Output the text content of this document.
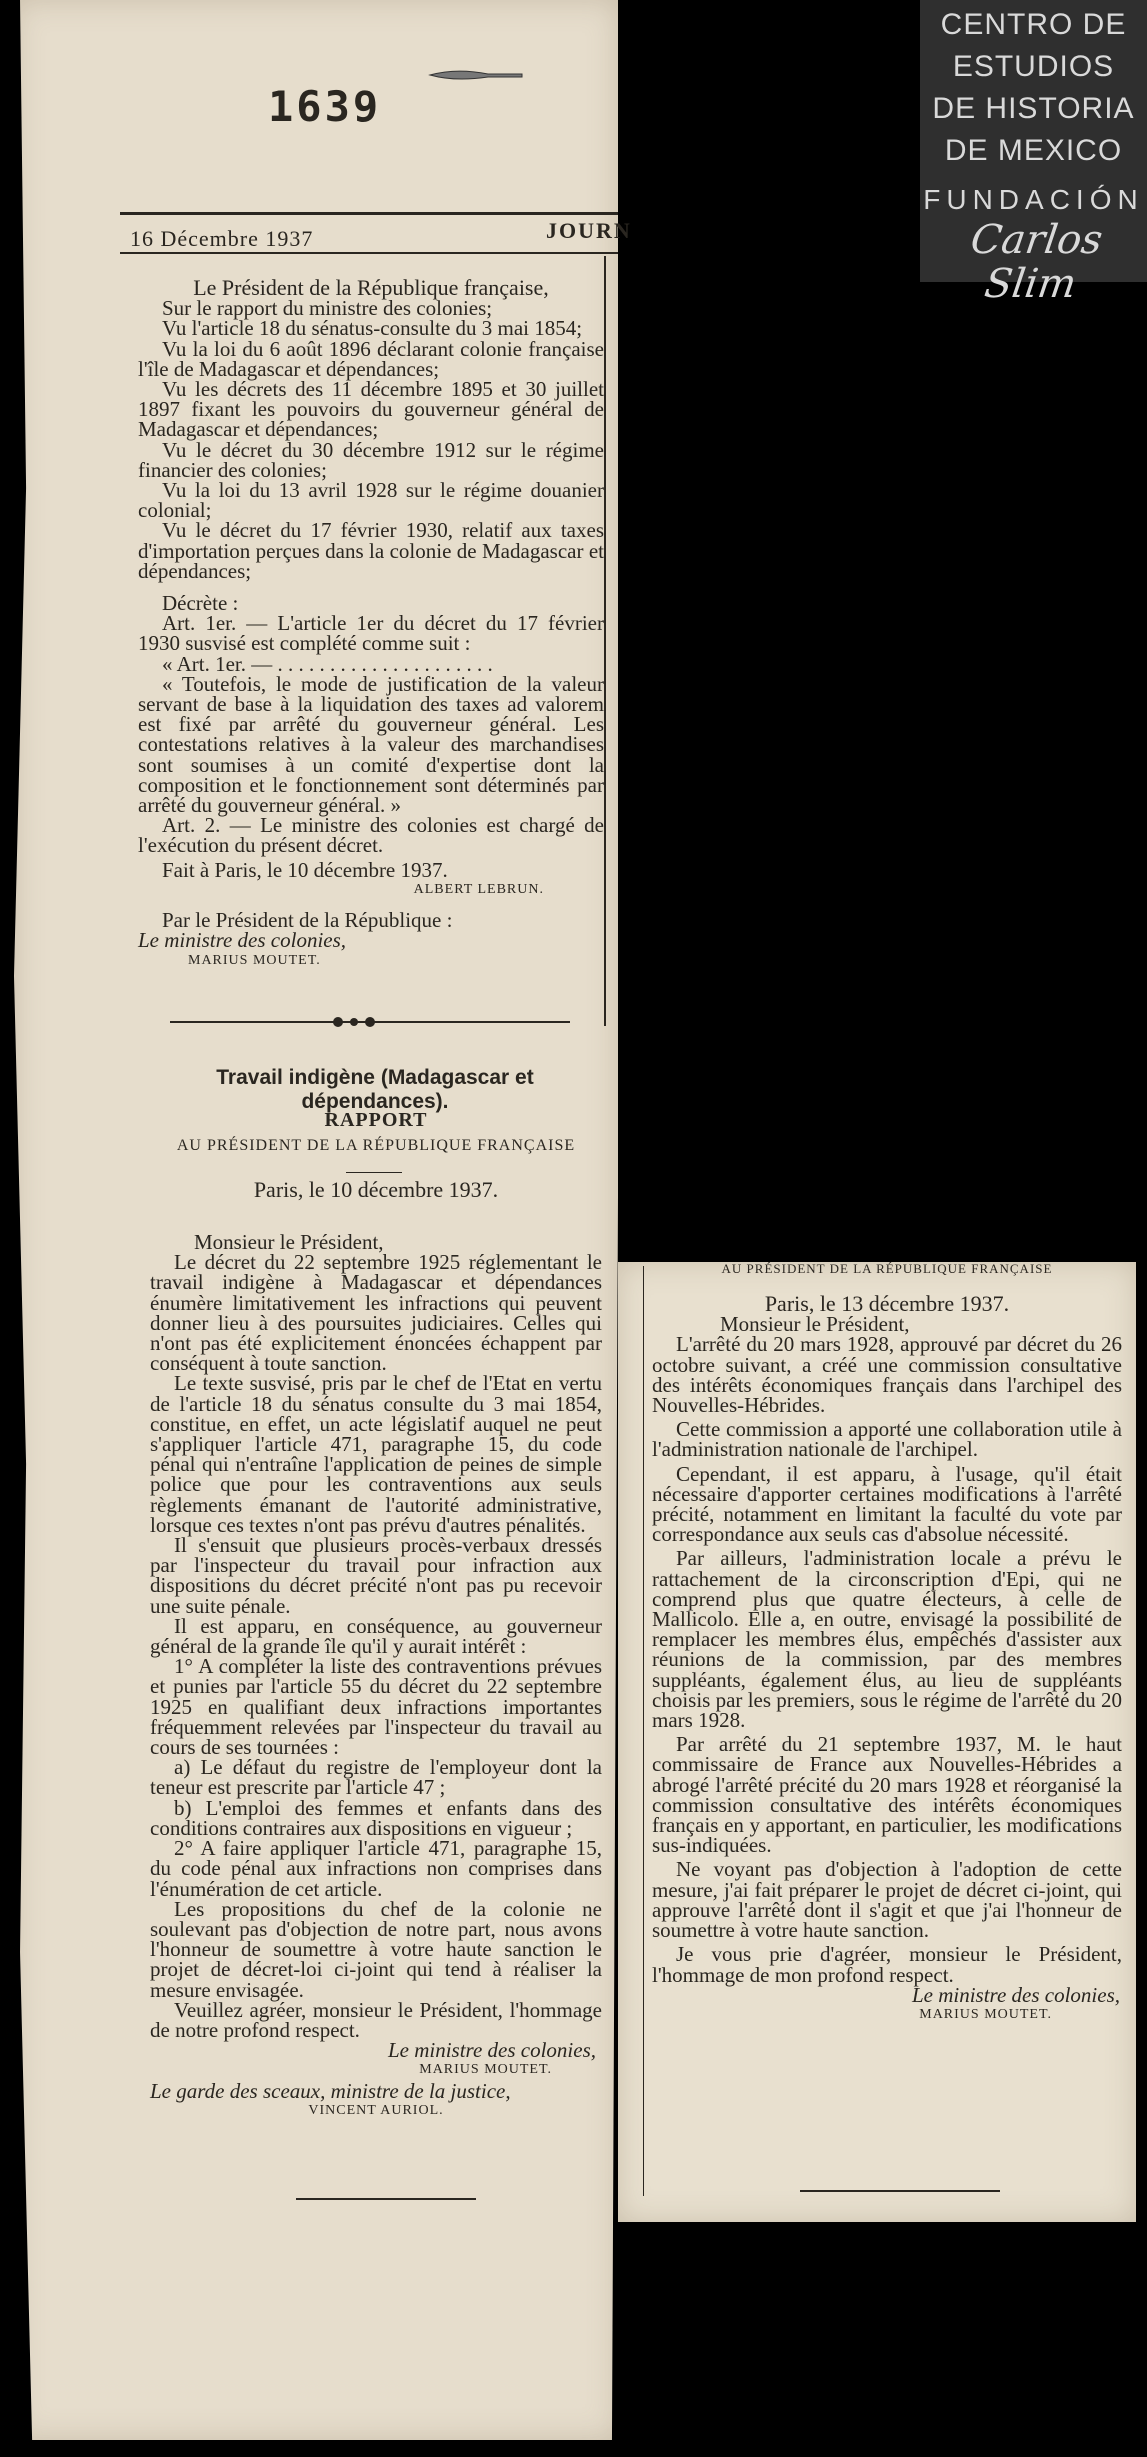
CENTRO DE
ESTUDIOS
DE HISTORIA
DE MEXICO
FUNDACIÓN
Carlos Slim
1639
16 Décembre 1937	JOURN

Le Président de la République française,

Sur le rapport du ministre des colonies;

Vu l'article 18 du sénatus-consulte du 3 mai 1854;

Vu la loi du 6 août 1896 déclarant colonie française l'île de Madagascar et dépendances;

Vu les décrets des 11 décembre 1895 et 30 juillet 1897 fixant les pouvoirs du gouverneur général de Madagascar et dépendances;

Vu le décret du 30 décembre 1912 sur le régime financier des colonies;

Vu la loi du 13 avril 1928 sur le régime douanier colonial;

Vu le décret du 17 février 1930, relatif aux taxes d'importation perçues dans la colonie de Madagascar et dépendances;

Décrète :

Art. 1er. — L'article 1er du décret du 17 février 1930 susvisé est complété comme suit :

« Art. 1er. — . . . . . . . . . . . . . . . . . . . . .

« Toutefois, le mode de justification de la valeur servant de base à la liquidation des taxes ad valorem est fixé par arrêté du gouverneur général. Les contestations relatives à la valeur des marchandises sont soumises à un comité d'expertise dont la composition et le fonctionnement sont déterminés par arrêté du gouverneur général. »

Art. 2. — Le ministre des colonies est chargé de l'exécution du présent décret.

Fait à Paris, le 10 décembre 1937.

ALBERT LEBRUN.

Par le Président de la République :

Le ministre des colonies,

MARIUS MOUTET.

Travail indigène (Madagascar et dépendances).

RAPPORT

AU PRÉSIDENT DE LA RÉPUBLIQUE FRANÇAISE

Paris, le 10 décembre 1937.

Monsieur le Président,

Le décret du 22 septembre 1925 réglementant le travail indigène à Madagascar et dépendances énumère limitativement les infractions qui peuvent donner lieu à des poursuites judiciaires. Celles qui n'ont pas été explicitement énoncées échappent par conséquent à toute sanction.

Le texte susvisé, pris par le chef de l'Etat en vertu de l'article 18 du sénatus consulte du 3 mai 1854, constitue, en effet, un acte législatif auquel ne peut s'appliquer l'article 471, paragraphe 15, du code pénal qui n'entraîne l'application de peines de simple police que pour les contraventions aux seuls règlements émanant de l'autorité administrative, lorsque ces textes n'ont pas prévu d'autres pénalités.

Il s'ensuit que plusieurs procès-verbaux dressés par l'inspecteur du travail pour infraction aux dispositions du décret précité n'ont pas pu recevoir une suite pénale.

Il est apparu, en conséquence, au gouverneur général de la grande île qu'il y aurait intérêt :

1° A compléter la liste des contraventions prévues et punies par l'article 55 du décret du 22 septembre 1925 en qualifiant deux infractions importantes fréquemment relevées par l'inspecteur du travail au cours de ses tournées :

a) Le défaut du registre de l'employeur dont la teneur est prescrite par l'article 47 ;

b) L'emploi des femmes et enfants dans des conditions contraires aux dispositions en vigueur ;

2° A faire appliquer l'article 471, paragraphe 15, du code pénal aux infractions non comprises dans l'énumération de cet article.

Les propositions du chef de la colonie ne soulevant pas d'objection de notre part, nous avons l'honneur de soumettre à votre haute sanction le projet de décret-loi ci-joint qui tend à réaliser la mesure envisagée.

Veuillez agréer, monsieur le Président, l'hommage de notre profond respect.

Le ministre des colonies,

MARIUS MOUTET.

Le garde des sceaux, ministre de la justice,

VINCENT AURIOL.

AU PRÉSIDENT DE LA RÉPUBLIQUE FRANÇAISE

Paris, le 13 décembre 1937.

Monsieur le Président,

L'arrêté du 20 mars 1928, approuvé par décret du 26 octobre suivant, a créé une commission consultative des intérêts économiques français dans l'archipel des Nouvelles-Hébrides.

Cette commission a apporté une collaboration utile à l'administration nationale de l'archipel.

Cependant, il est apparu, à l'usage, qu'il était nécessaire d'apporter certaines modifications à l'arrêté précité, notamment en limitant la faculté du vote par correspondance aux seuls cas d'absolue nécessité.

Par ailleurs, l'administration locale a prévu le rattachement de la circonscription d'Epi, qui ne comprend plus que quatre électeurs, à celle de Mallicolo. Elle a, en outre, envisagé la possibilité de remplacer les membres élus, empêchés d'assister aux réunions de la commission, par des membres suppléants, également élus, au lieu de suppléants choisis par les premiers, sous le régime de l'arrêté du 20 mars 1928.

Par arrêté du 21 septembre 1937, M. le haut commissaire de France aux Nouvelles-Hébrides a abrogé l'arrêté précité du 20 mars 1928 et réorganisé la commission consultative des intérêts économiques français en y apportant, en particulier, les modifications sus-indiquées.

Ne voyant pas d'objection à l'adoption de cette mesure, j'ai fait préparer le projet de décret ci-joint, qui approuve l'arrêté dont il s'agit et que j'ai l'honneur de soumettre à votre haute sanction.

Je vous prie d'agréer, monsieur le Président, l'hommage de mon profond respect.

Le ministre des colonies,

MARIUS MOUTET.
